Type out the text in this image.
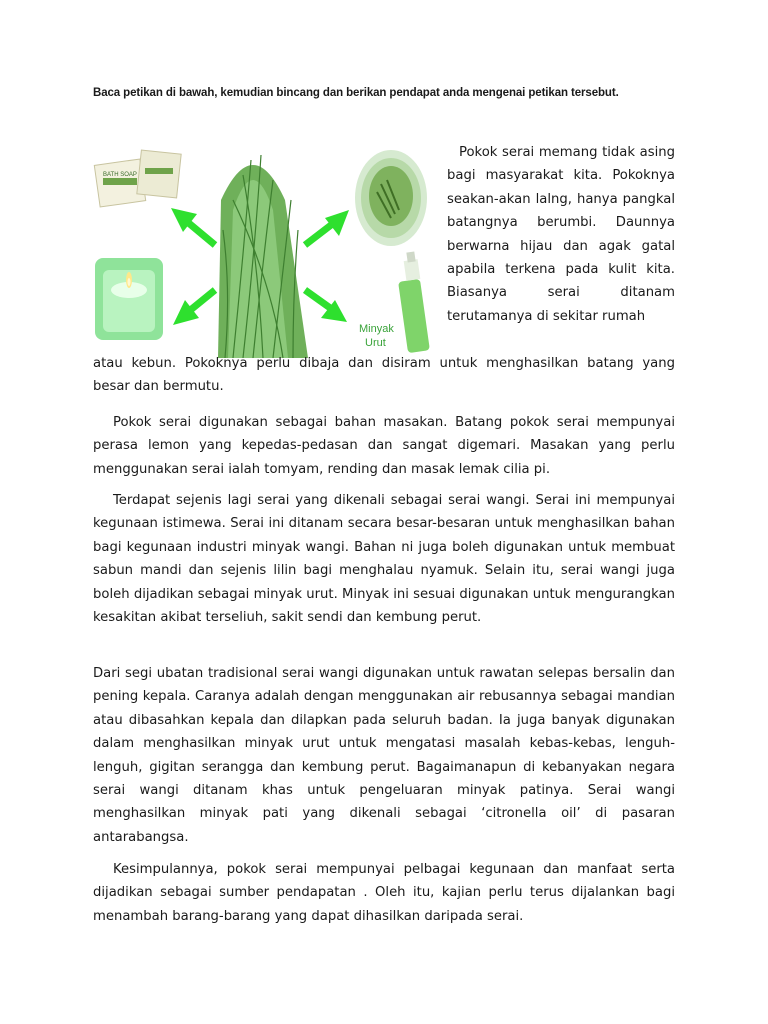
Baca petikan di bawah, kemudian bincang dan berikan pendapat anda mengenai petikan tersebut.

BATH SOAP
Minyak
Urut

Pokok serai memang tidak asing bagi masyarakat kita. Pokoknya seakan-akan lalng, hanya pangkal batangnya berumbi. Daunnya berwarna hijau dan agak gatal apabila terkena pada kulit kita. Biasanya serai ditanam terutamanya di sekitar rumah

atau kebun. Pokoknya perlu dibaja dan disiram untuk menghasilkan batang yang
besar dan bermutu.

Pokok serai digunakan sebagai bahan masakan. Batang pokok serai mempunyai perasa lemon yang kepedas-pedasan dan sangat digemari. Masakan yang perlu menggunakan serai ialah tomyam, rending dan masak lemak cilia pi.

Terdapat sejenis lagi serai yang dikenali sebagai serai wangi. Serai ini mempunyai kegunaan istimewa. Serai ini ditanam secara besar-besaran untuk menghasilkan bahan bagi kegunaan industri minyak wangi. Bahan ni juga boleh digunakan untuk membuat sabun mandi dan sejenis lilin bagi menghalau nyamuk. Selain itu, serai wangi juga boleh dijadikan sebagai minyak urut. Minyak ini sesuai digunakan untuk mengurangkan kesakitan akibat terseliuh, sakit sendi dan kembung perut.

Dari segi ubatan tradisional serai wangi digunakan untuk rawatan selepas bersalin dan pening kepala. Caranya adalah dengan menggunakan air rebusannya sebagai mandian atau dibasahkan kepala dan dilapkan pada seluruh badan. Ia juga banyak digunakan dalam menghasilkan minyak urut untuk mengatasi masalah kebas-kebas, lenguh-lenguh, gigitan serangga dan kembung perut. Bagaimanapun di kebanyakan negara serai wangi ditanam khas untuk pengeluaran minyak patinya. Serai wangi menghasilkan minyak pati yang dikenali sebagai ‘citronella oil’ di pasaran antarabangsa.

Kesimpulannya, pokok serai mempunyai pelbagai kegunaan dan manfaat serta dijadikan sebagai sumber pendapatan . Oleh itu, kajian perlu terus dijalankan bagi menambah barang-barang yang dapat dihasilkan daripada serai.
